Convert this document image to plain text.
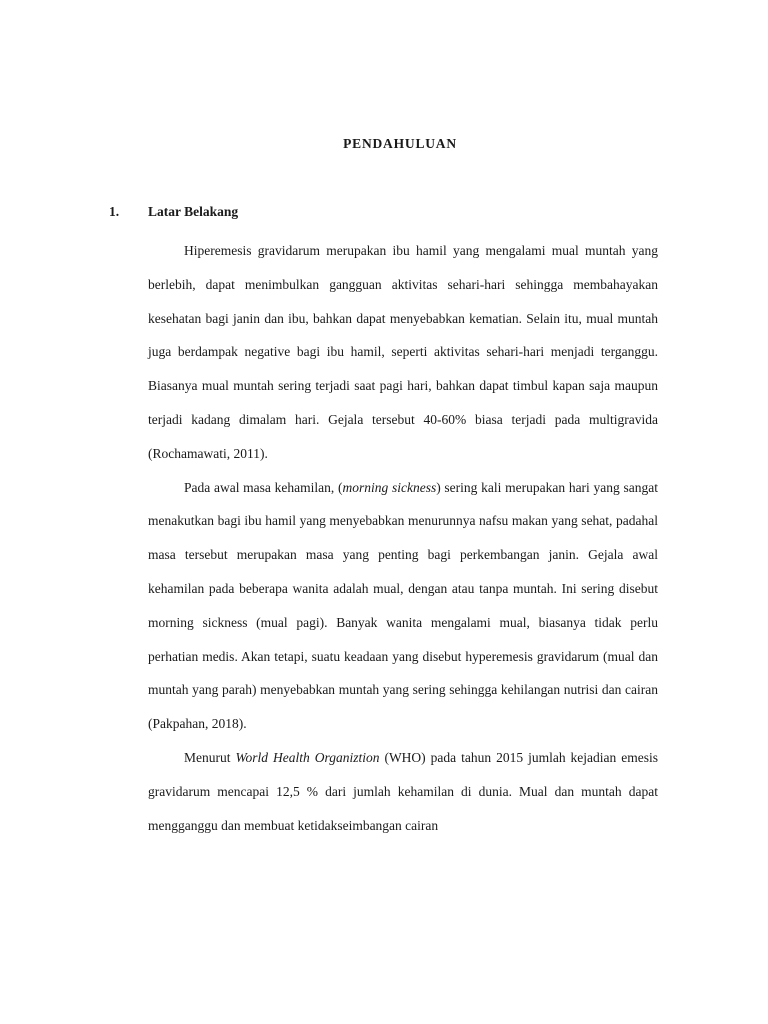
PENDAHULUAN
1. Latar Belakang

Hiperemesis gravidarum merupakan ibu hamil yang mengalami mual muntah yang berlebih, dapat menimbulkan gangguan aktivitas sehari-hari sehingga membahayakan kesehatan bagi janin dan ibu, bahkan dapat menyebabkan kematian. Selain itu, mual muntah juga berdampak negative bagi ibu hamil, seperti aktivitas sehari-hari menjadi terganggu. Biasanya mual muntah sering terjadi saat pagi hari, bahkan dapat timbul kapan saja maupun terjadi kadang dimalam hari. Gejala tersebut 40-60% biasa terjadi pada multigravida (Rochamawati, 2011).

Pada awal masa kehamilan, (morning sickness) sering kali merupakan hari yang sangat menakutkan bagi ibu hamil yang menyebabkan menurunnya nafsu makan yang sehat, padahal masa tersebut merupakan masa yang penting bagi perkembangan janin. Gejala awal kehamilan pada beberapa wanita adalah mual, dengan atau tanpa muntah. Ini sering disebut morning sickness (mual pagi). Banyak wanita mengalami mual, biasanya tidak perlu perhatian medis. Akan tetapi, suatu keadaan yang disebut hyperemesis gravidarum (mual dan muntah yang parah) menyebabkan muntah yang sering sehingga kehilangan nutrisi dan cairan (Pakpahan, 2018).

Menurut World Health Organiztion (WHO) pada tahun 2015 jumlah kejadian emesis gravidarum mencapai 12,5 % dari jumlah kehamilan di dunia. Mual dan muntah dapat mengganggu dan membuat ketidakseimbangan cairan
